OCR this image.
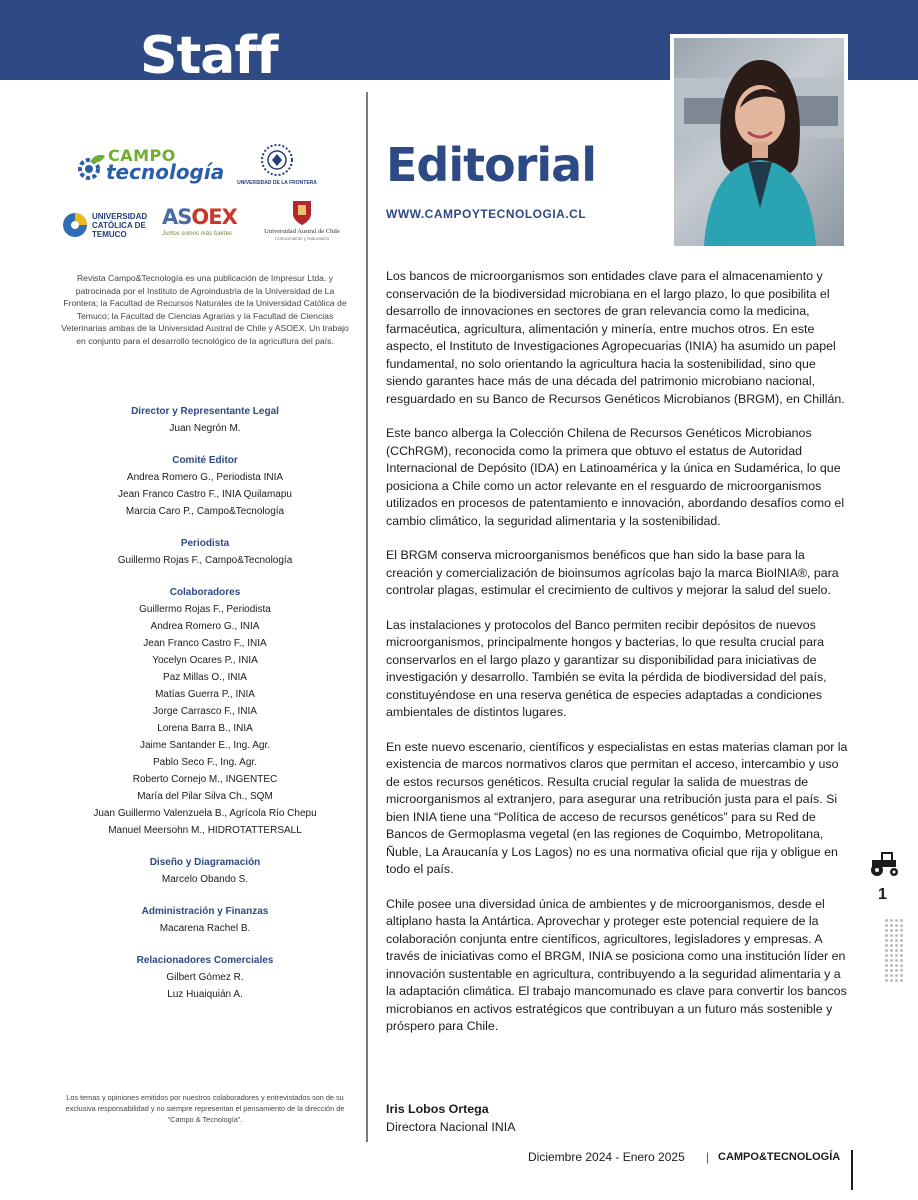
Staff
CAMPO
tecnología	UNIVERSIDAD DE LA FRONTERA
UNIVERSIDAD
CATÓLICA DE
TEMUCO
ASOEX
Juntos somos más fuertes	Universidad Austral de Chile
Conocimiento y Naturaleza

Revista Campo&Tecnología es una publicación de Impresur Ltda. y patrocinada por el Instituto de Agroindustria de la Universidad de La Frontera; la Facultad de Recursos Naturales de la Universidad Católica de Temuco; la Facultad de Ciencias Agrarias y la Facultad de Ciencias Veterinarias ambas de la Universidad Austral de Chile y ASOEX. Un trabajo en conjunto para el desarrollo tecnológico de la agricultura del país.

Director y Representante Legal
Juan Negrón M.
Comité Editor
Andrea Romero G., Periodista INIA
Jean Franco Castro F., INIA Quilamapu
Marcia Caro P., Campo&Tecnología
Periodista
Guillermo Rojas F., Campo&Tecnología
Colaboradores
Guillermo Rojas F., Periodista
Andrea Romero G., INIA
Jean Franco Castro F., INIA
Yocelyn Ocares P., INIA
Paz Millas O., INIA
Matías Guerra P., INIA
Jorge Carrasco F., INIA
Lorena Barra B., INIA
Jaime Santander E., Ing. Agr.
Pablo Seco F., Ing. Agr.
Roberto Cornejo M., INGENTEC
María del Pilar Silva Ch., SQM
Juan Guillermo Valenzuela B., Agrícola Río Chepu
Manuel Meersohn M., HIDROTATTERSALL
Diseño y Diagramación
Marcelo Obando S.
Administración y Finanzas
Macarena Rachel B.
Relacionadores Comerciales
Gilbert Gómez R.
Luz Huaiquián A.

Los temas y opiniones emitidos por nuestros colaboradores y entrevistados son de su exclusiva responsabilidad y no siempre representan el pensamiento de la dirección de “Campo & Tecnología”.

Editorial
WWW.CAMPOYTECNOLOGIA.CL

Los bancos de microorganismos son entidades clave para el almacenamiento y conservación de la biodiversidad microbiana en el largo plazo, lo que posibilita el desarrollo de innovaciones en sectores de gran relevancia como la medicina, farmacéutica, agricultura, alimentación y minería, entre muchos otros. En este aspecto, el Instituto de Investigaciones Agropecuarias (INIA) ha asumido un papel fundamental, no solo orientando la agricultura hacia la sostenibilidad, sino que siendo garantes hace más de una década del patrimonio microbiano nacional, resguardado en su Banco de Recursos Genéticos Microbianos (BRGM), en Chillán.

Este banco alberga la Colección Chilena de Recursos Genéticos Microbianos (CChRGM), reconocida como la primera que obtuvo el estatus de Autoridad Internacional de Depósito (IDA) en Latinoamérica y la única en Sudamérica, lo que posiciona a Chile como un actor relevante en el resguardo de microorganismos utilizados en procesos de patentamiento e innovación, abordando desafíos como el cambio climático, la seguridad alimentaria y la sostenibilidad.

El BRGM conserva microorganismos benéficos que han sido la base para la creación y comercialización de bioinsumos agrícolas bajo la marca BioINIA®, para controlar plagas, estimular el crecimiento de cultivos y mejorar la salud del suelo.

Las instalaciones y protocolos del Banco permiten recibir depósitos de nuevos microorganismos, principalmente hongos y bacterias, lo que resulta crucial para conservarlos en el largo plazo y garantizar su disponibilidad para iniciativas de investigación y desarrollo. También se evita la pérdida de biodiversidad del país, constituyéndose en una reserva genética de especies adaptadas a condiciones ambientales de distintos lugares.

En este nuevo escenario, científicos y especialistas en estas materias claman por la existencia de marcos normativos claros que permitan el acceso, intercambio y uso de estos recursos genéticos. Resulta crucial regular la salida de muestras de microorganismos al extranjero, para asegurar una retribución justa para el país. Si bien INIA tiene una “Política de acceso de recursos genéticos” para su Red de Bancos de Germoplasma vegetal (en las regiones de Coquimbo, Metropolitana, Ñuble, La Araucanía y Los Lagos) no es una normativa oficial que rija y obligue en todo el país.

Chile posee una diversidad única de ambientes y de microorganismos, desde el altiplano hasta la Antártica. Aprovechar y proteger este potencial requiere de la colaboración conjunta entre científicos, agricultores, legisladores y empresas. A través de iniciativas como el BRGM, INIA se posiciona como una institución líder en innovación sustentable en agricultura, contribuyendo a la seguridad alimentaria y a la adaptación climática. El trabajo mancomunado es clave para convertir los bancos microbianos en activos estratégicos que contribuyan a un futuro más sostenible y próspero para Chile.

Iris Lobos Ortega
Directora Nacional INIA
Diciembre 2024 - Enero 2025 | CAMPO&TECNOLOGÍA
1
